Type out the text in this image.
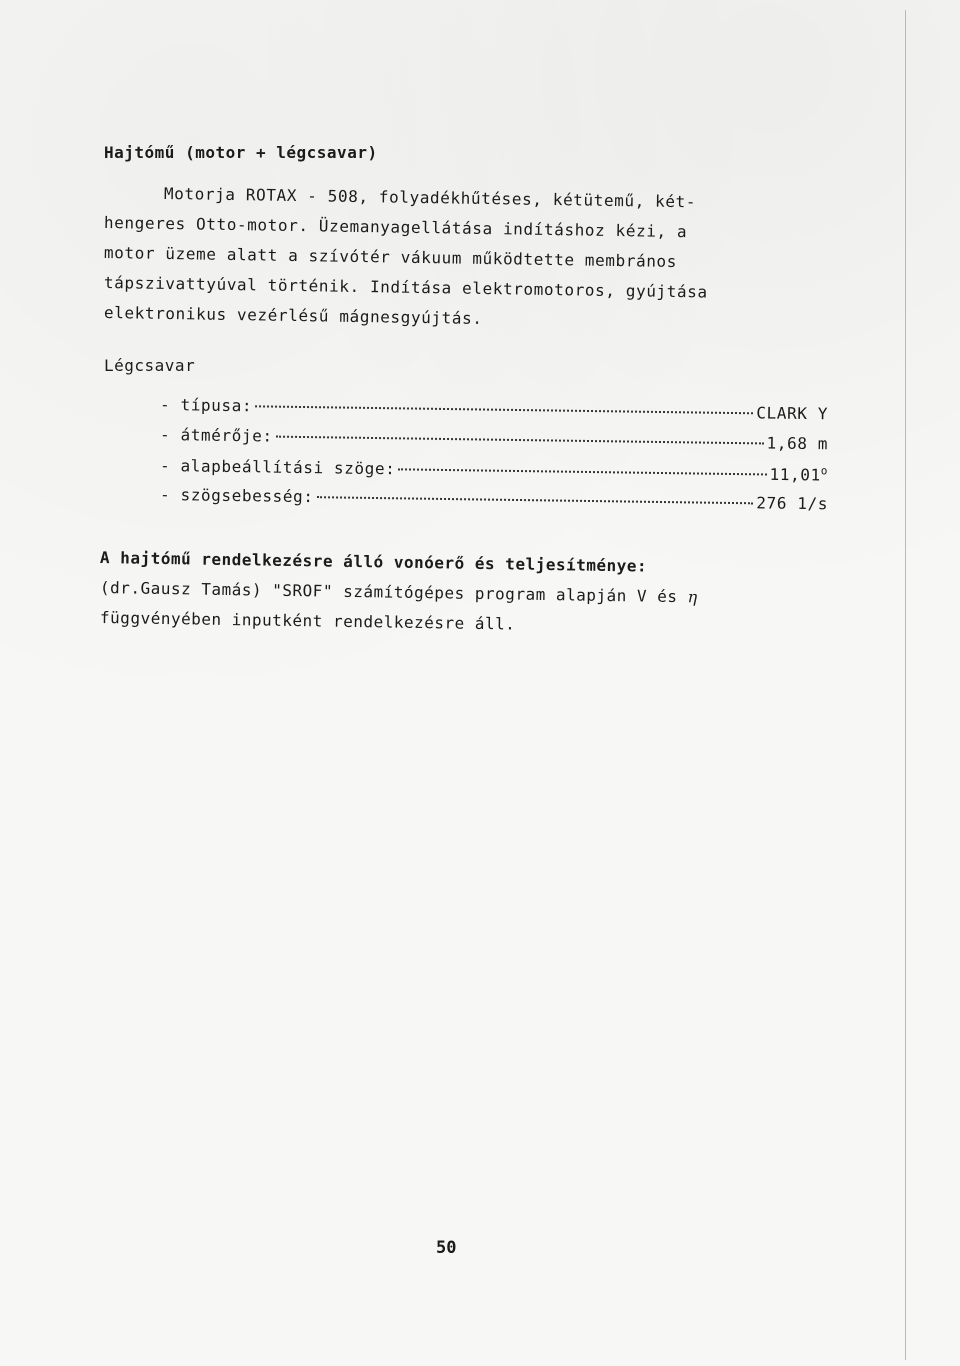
Hajtómű (motor + légcsavar)
Motorja ROTAX - 508, folyadékhűtéses, kétütemű, két-
hengeres Otto-motor. Üzemanyagellátása indításhoz kézi, a
motor üzeme alatt a szívótér vákuum működtette membrános
tápszivattyúval történik. Indítása elektromotoros, gyújtása
elektronikus vezérlésű mágnesgyújtás.
Légcsavar
- típusa:	CLARK Y
- átmérője:	1,68 m
- alapbeállítási szöge:	11,01$^o$
- szögsebesség:	276 1/s
A hajtómű rendelkezésre álló vonóerő és teljesítménye:
(dr.Gausz Tamás) "SROF" számítógépes program alapján V és η
függvényében inputként rendelkezésre áll.
50
